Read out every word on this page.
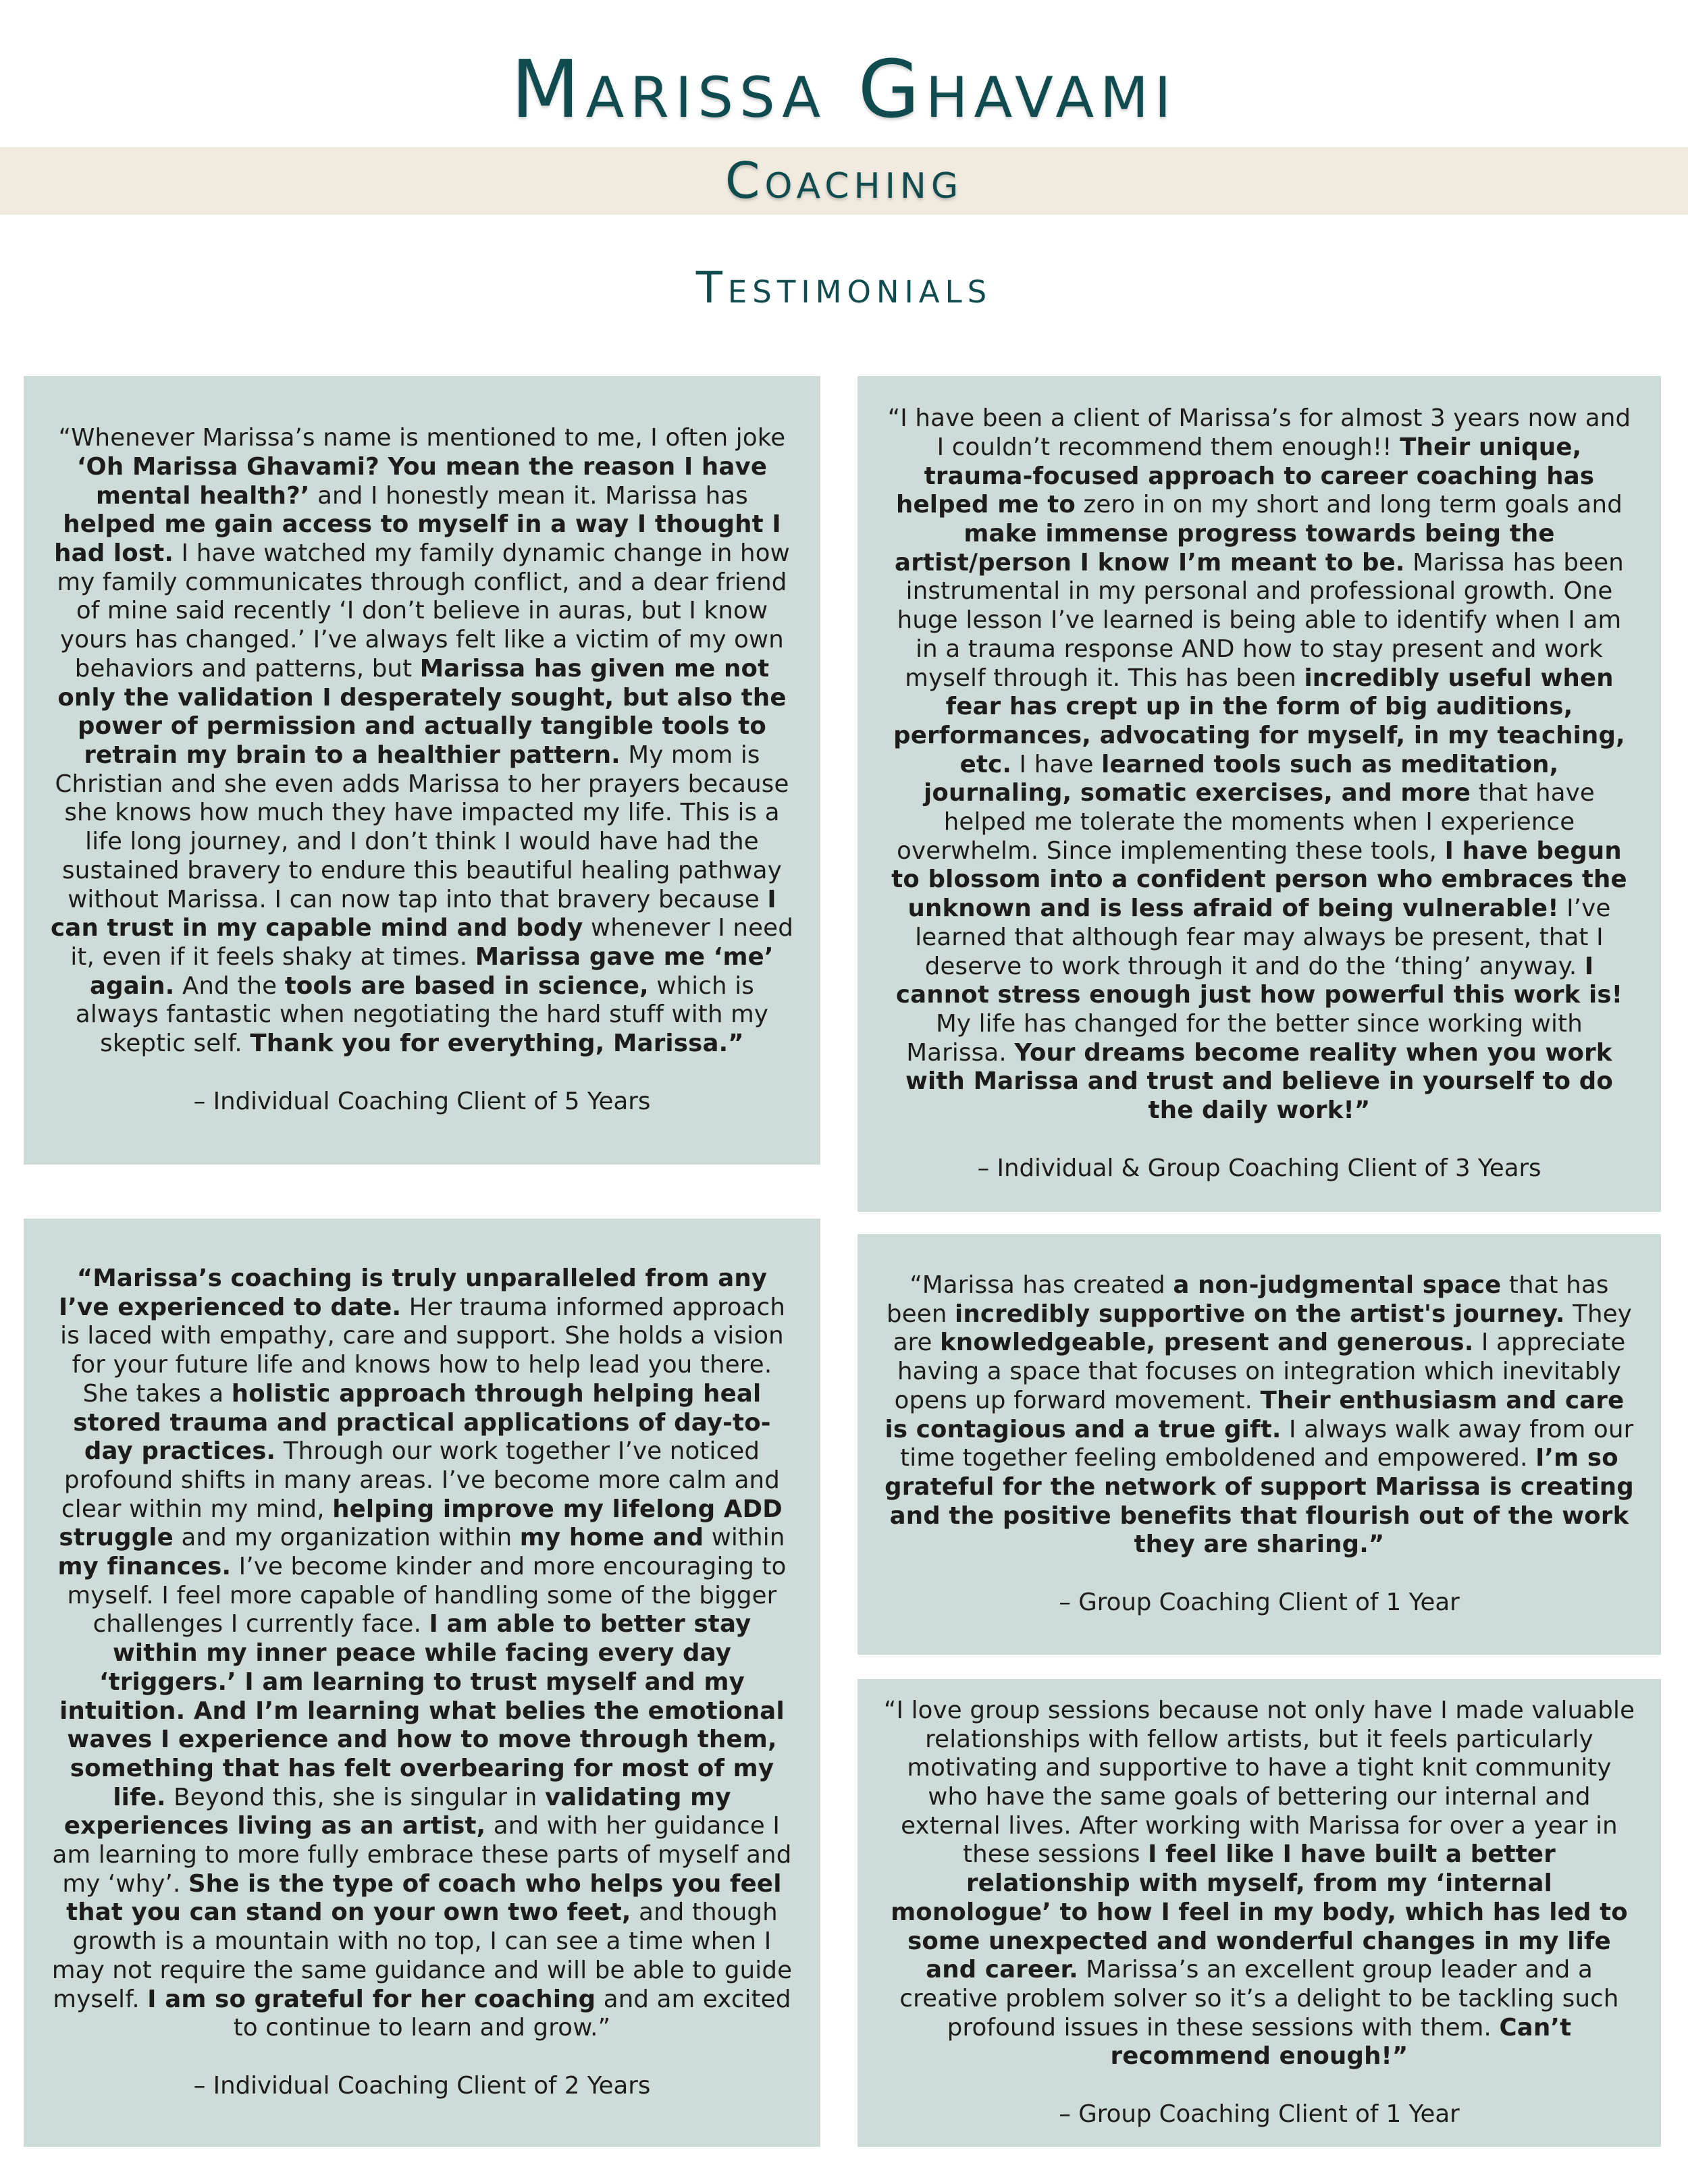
Marissa Ghavami
Coaching
Testimonials

“Whenever Marissa’s name is mentioned to me, I often joke ‘Oh Marissa Ghavami? You mean the reason I have mental health?’ and I honestly mean it. Marissa has helped me gain access to myself in a way I thought I had lost. I have watched my family dynamic change in how my family communicates through conflict, and a dear friend of mine said recently ‘I don’t believe in auras, but I know yours has changed.’ I’ve always felt like a victim of my own behaviors and patterns, but Marissa has given me not only the validation I desperately sought, but also the power of permission and actually tangible tools to retrain my brain to a healthier pattern. My mom is Christian and she even adds Marissa to her prayers because she knows how much they have impacted my life. This is a life long journey, and I don’t think I would have had the sustained bravery to endure this beautiful healing pathway without Marissa. I can now tap into that bravery because I can trust in my capable mind and body whenever I need it, even if it feels shaky at times. Marissa gave me ‘me’ again. And the tools are based in science, which is always fantastic when negotiating the hard stuff with my skeptic self. Thank you for everything, Marissa.”

– Individual Coaching Client of 5 Years

“I have been a client of Marissa’s for almost 3 years now and I couldn’t recommend them enough!! Their unique, trauma-focused approach to career coaching has helped me to zero in on my short and long term goals and make immense progress towards being the artist/person I know I’m meant to be. Marissa has been instrumental in my personal and professional growth. One huge lesson I’ve learned is being able to identify when I am in a trauma response AND how to stay present and work myself through it. This has been incredibly useful when fear has crept up in the form of big auditions, performances, advocating for myself, in my teaching, etc. I have learned tools such as meditation, journaling, somatic exercises, and more that have helped me tolerate the moments when I experience overwhelm. Since implementing these tools, I have begun to blossom into a confident person who embraces the unknown and is less afraid of being vulnerable! I’ve learned that although fear may always be present, that I deserve to work through it and do the ‘thing’ anyway. I cannot stress enough just how powerful this work is! My life has changed for the better since working with Marissa. Your dreams become reality when you work with Marissa and trust and believe in yourself to do the daily work!”

– Individual & Group Coaching Client of 3 Years

“Marissa’s coaching is truly unparalleled from any I’ve experienced to date. Her trauma informed approach is laced with empathy, care and support. She holds a vision for your future life and knows how to help lead you there. She takes a holistic approach through helping heal stored trauma and practical applications of day-to-day practices. Through our work together I’ve noticed profound shifts in many areas. I’ve become more calm and clear within my mind, helping improve my lifelong ADD struggle and my organization within my home and within my finances. I’ve become kinder and more encouraging to myself. I feel more capable of handling some of the bigger challenges I currently face. I am able to better stay within my inner peace while facing every day ‘triggers.’ I am learning to trust myself and my intuition. And I’m learning what belies the emotional waves I experience and how to move through them, something that has felt overbearing for most of my life. Beyond this, she is singular in validating my experiences living as an artist, and with her guidance I am learning to more fully embrace these parts of myself and my ‘why’. She is the type of coach who helps you feel that you can stand on your own two feet, and though growth is a mountain with no top, I can see a time when I may not require the same guidance and will be able to guide myself. I am so grateful for her coaching and am excited to continue to learn and grow.”

– Individual Coaching Client of 2 Years

“Marissa has created a non-judgmental space that has been incredibly supportive on the artist's journey. They are knowledgeable, present and generous. I appreciate having a space that focuses on integration which inevitably opens up forward movement. Their enthusiasm and care is contagious and a true gift. I always walk away from our time together feeling emboldened and empowered. I’m so grateful for the network of support Marissa is creating and the positive benefits that flourish out of the work they are sharing.”

– Group Coaching Client of 1 Year

“I love group sessions because not only have I made valuable relationships with fellow artists, but it feels particularly motivating and supportive to have a tight knit community who have the same goals of bettering our internal and external lives. After working with Marissa for over a year in these sessions I feel like I have built a better relationship with myself, from my ‘internal monologue’ to how I feel in my body, which has led to some unexpected and wonderful changes in my life and career. Marissa’s an excellent group leader and a creative problem solver so it’s a delight to be tackling such profound issues in these sessions with them. Can’t recommend enough!”

– Group Coaching Client of 1 Year
